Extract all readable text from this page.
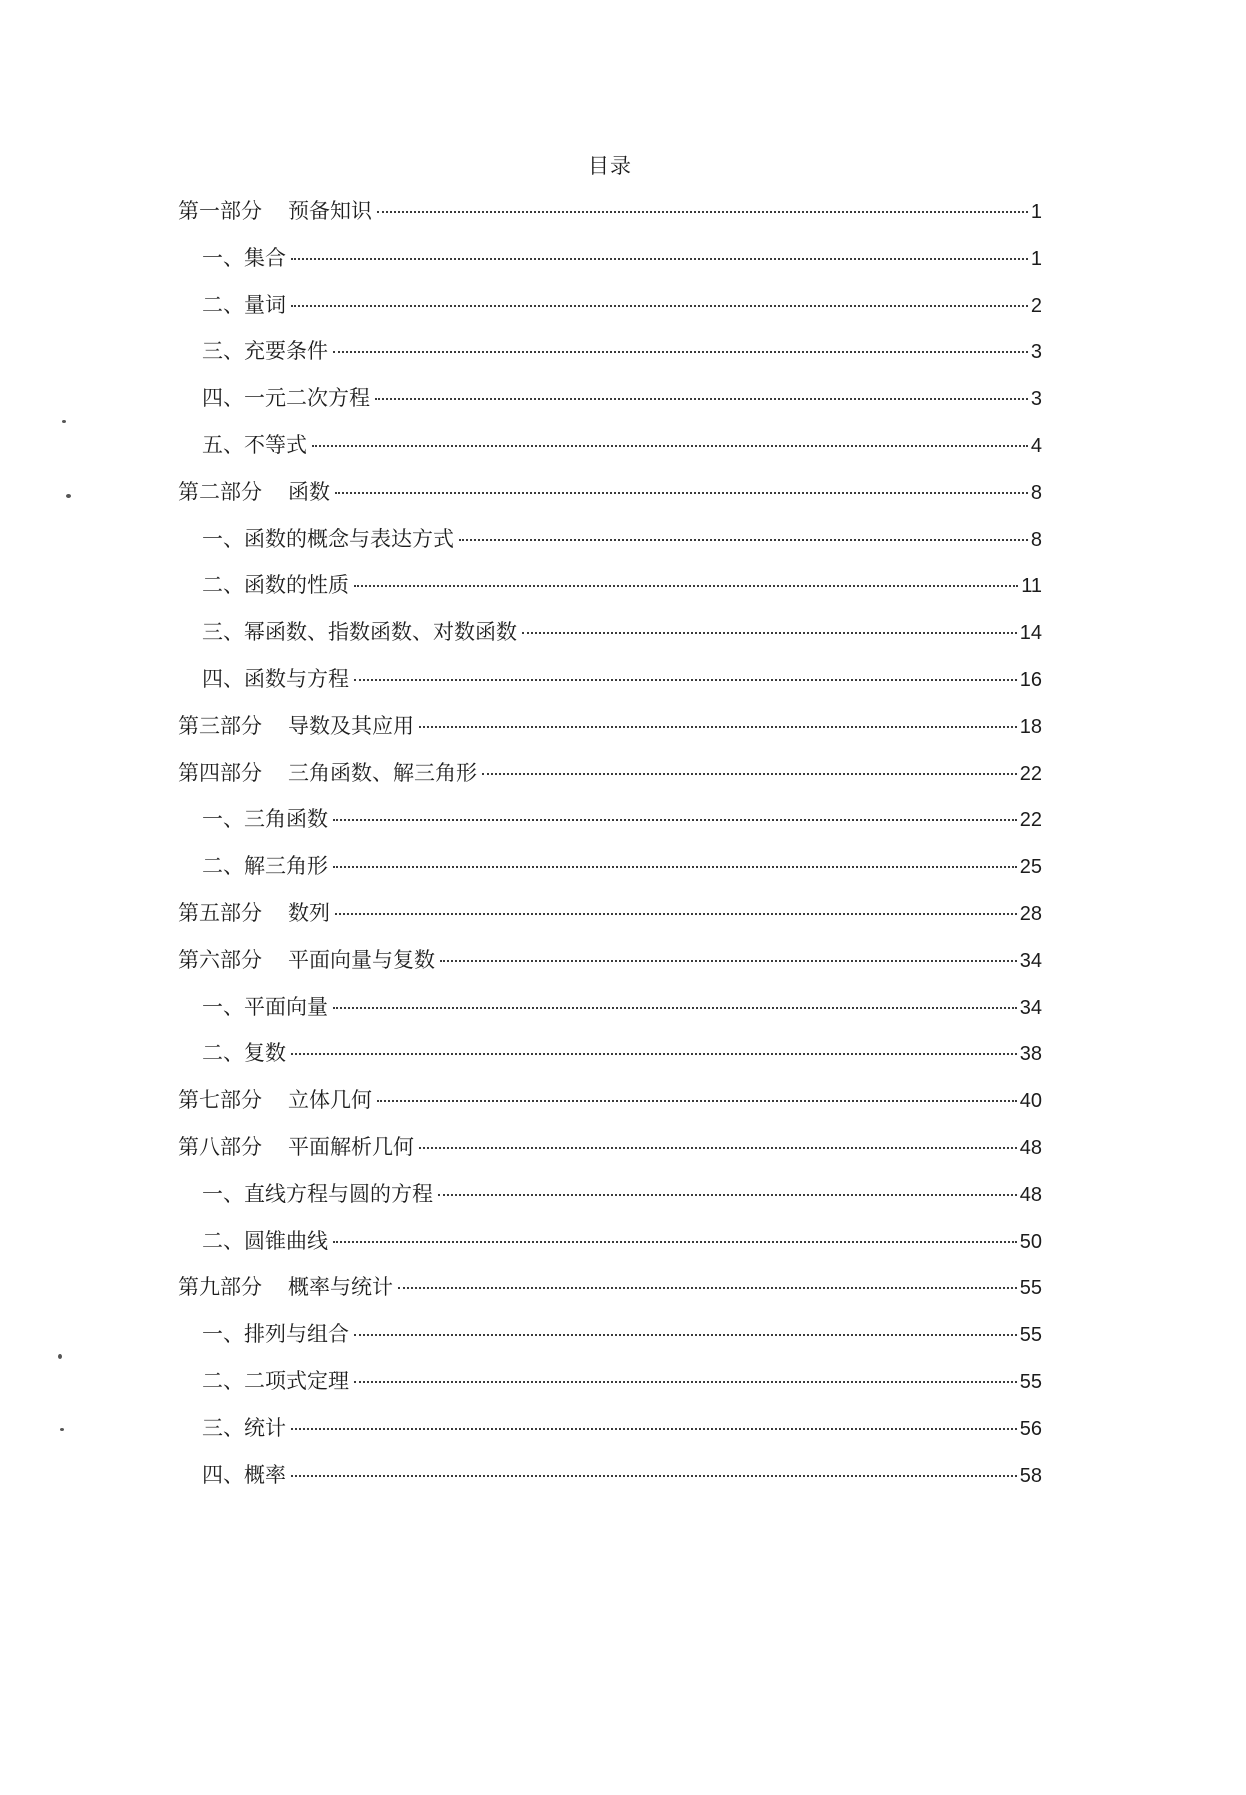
目录
第一部分 预备知识	1
一、集合	1
二、量词	2
三、充要条件	3
四、一元二次方程	3
五、不等式	4
第二部分 函数	8
一、函数的概念与表达方式	8
二、函数的性质	11
三、幂函数、指数函数、对数函数	14
四、函数与方程	16
第三部分 导数及其应用	18
第四部分 三角函数、解三角形	22
一、三角函数	22
二、解三角形	25
第五部分 数列	28
第六部分 平面向量与复数	34
一、平面向量	34
二、复数	38
第七部分 立体几何	40
第八部分 平面解析几何	48
一、直线方程与圆的方程	48
二、圆锥曲线	50
第九部分 概率与统计	55
一、排列与组合	55
二、二项式定理	55
三、统计	56
四、概率	58
